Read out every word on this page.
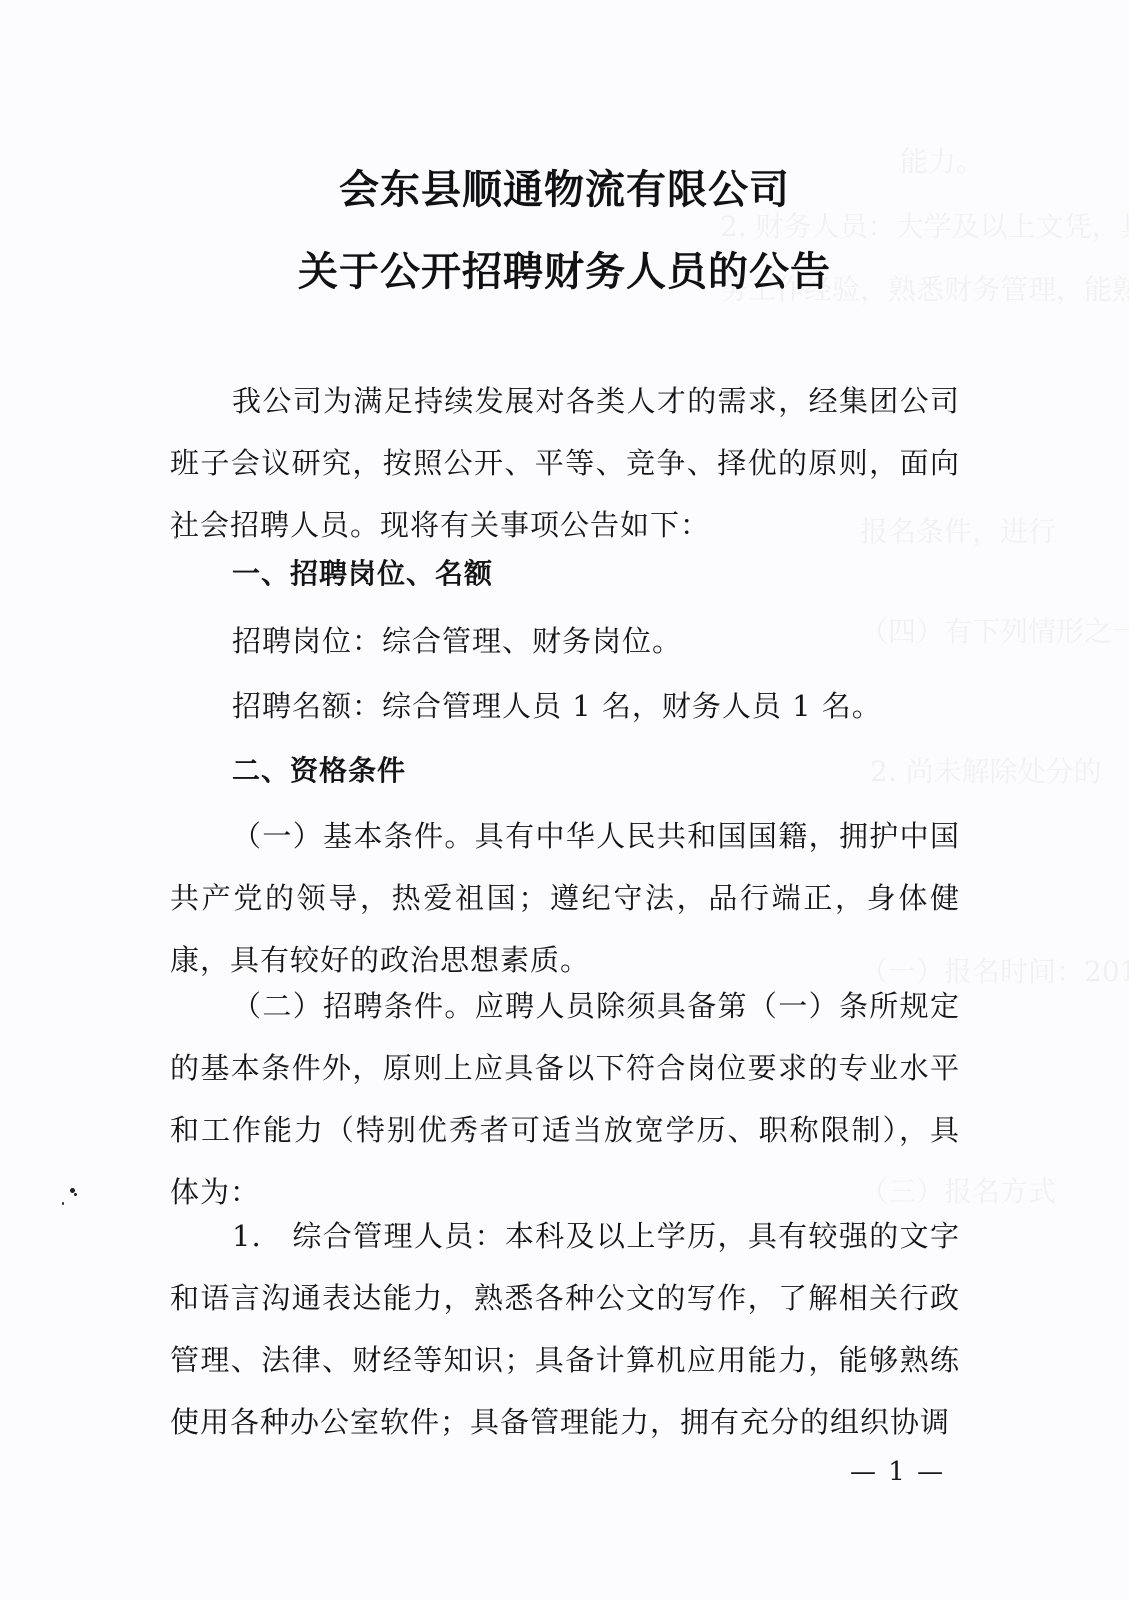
会东县顺通物流有限公司
关于公开招聘财务人员的公告

我公司为满足持续发展对各类人才的需求，经集团公司班子会议研究，按照公开、平等、竞争、择优的原则，面向社会招聘人员。现将有关事项公告如下：

一、招聘岗位、名额

招聘岗位：综合管理、财务岗位。

招聘名额：综合管理人员 1 名，财务人员 1 名。

二、资格条件

（一）基本条件。具有中华人民共和国国籍，拥护中国共产党的领导，热爱祖国；遵纪守法，品行端正，身体健康，具有较好的政治思想素质。

（二）招聘条件。应聘人员除须具备第（一）条所规定的基本条件外，原则上应具备以下符合岗位要求的专业水平和工作能力（特别优秀者可适当放宽学历、职称限制），具体为：

1.　综合管理人员：本科及以上学历，具有较强的文字和语言沟通表达能力，熟悉各种公文的写作，了解相关行政管理、法律、财经等知识；具备计算机应用能力，能够熟练使用各种办公室软件；具备管理能力，拥有充分的组织协调

— 1 —
